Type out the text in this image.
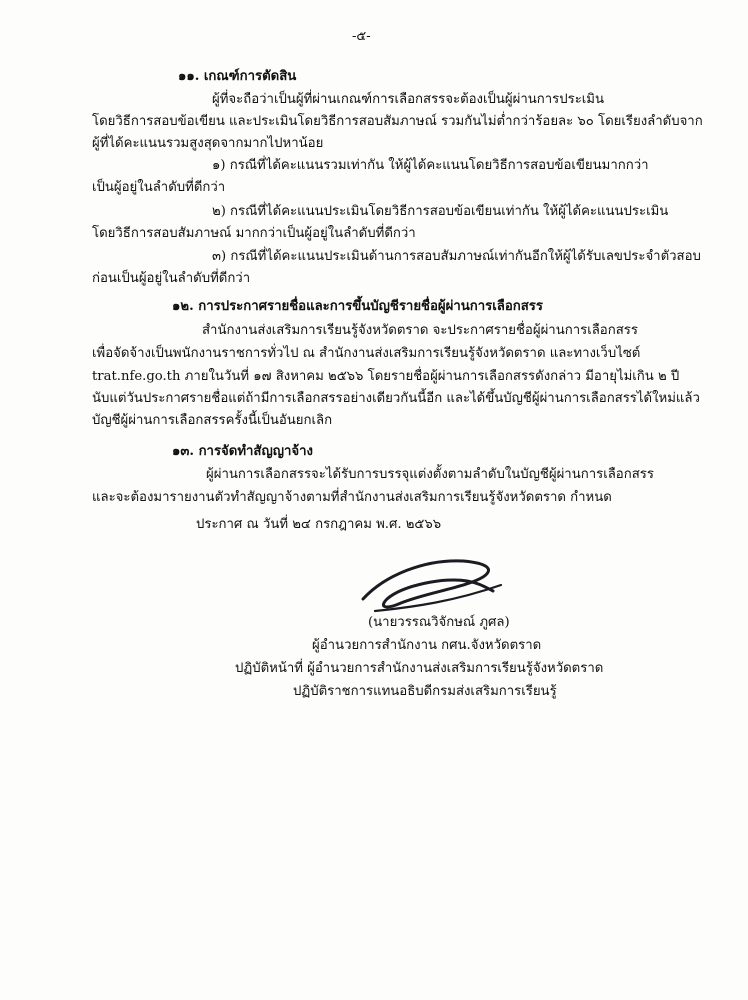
-๕-
๑๑. เกณฑ์การตัดสิน
ผู้ที่จะถือว่าเป็นผู้ที่ผ่านเกณฑ์การเลือกสรรจะต้องเป็นผู้ผ่านการประเมิน
โดยวิธีการสอบข้อเขียน และประเมินโดยวิธีการสอบสัมภาษณ์ รวมกันไม่ต่ำกว่าร้อยละ ๖๐ โดยเรียงลำดับจาก
ผู้ที่ได้คะแนนรวมสูงสุดจากมากไปหาน้อย
๑) กรณีที่ได้คะแนนรวมเท่ากัน ให้ผู้ได้คะแนนโดยวิธีการสอบข้อเขียนมากกว่า
เป็นผู้อยู่ในลำดับที่ดีกว่า
๒) กรณีที่ได้คะแนนประเมินโดยวิธีการสอบข้อเขียนเท่ากัน ให้ผู้ได้คะแนนประเมิน
โดยวิธีการสอบสัมภาษณ์ มากกว่าเป็นผู้อยู่ในลำดับที่ดีกว่า
๓) กรณีที่ได้คะแนนประเมินด้านการสอบสัมภาษณ์เท่ากันอีกให้ผู้ได้รับเลขประจำตัวสอบ
ก่อนเป็นผู้อยู่ในลำดับที่ดีกว่า
๑๒. การประกาศรายชื่อและการขึ้นบัญชีรายชื่อผู้ผ่านการเลือกสรร
สำนักงานส่งเสริมการเรียนรู้จังหวัดตราด จะประกาศรายชื่อผู้ผ่านการเลือกสรร
เพื่อจัดจ้างเป็นพนักงานราชการทั่วไป ณ สำนักงานส่งเสริมการเรียนรู้จังหวัดตราด และทางเว็บไซต์
trat.nfe.go.th ภายในวันที่ ๑๗ สิงหาคม ๒๕๖๖ โดยรายชื่อผู้ผ่านการเลือกสรรดังกล่าว มีอายุไม่เกิน ๒ ปี
นับแต่วันประกาศรายชื่อแต่ถ้ามีการเลือกสรรอย่างเดียวกันนี้อีก และได้ขึ้นบัญชีผู้ผ่านการเลือกสรรได้ใหม่แล้ว
บัญชีผู้ผ่านการเลือกสรรครั้งนี้เป็นอันยกเลิก
๑๓. การจัดทำสัญญาจ้าง
ผู้ผ่านการเลือกสรรจะได้รับการบรรจุแต่งตั้งตามลำดับในบัญชีผู้ผ่านการเลือกสรร
และจะต้องมารายงานตัวทำสัญญาจ้างตามที่สำนักงานส่งเสริมการเรียนรู้จังหวัดตราด กำหนด
ประกาศ ณ วันที่ ๒๔ กรกฎาคม พ.ศ. ๒๕๖๖
(นายวรรณวิจักษณ์ ภูศล)
ผู้อำนวยการสำนักงาน กศน.จังหวัดตราด
ปฏิบัติหน้าที่ ผู้อำนวยการสำนักงานส่งเสริมการเรียนรู้จังหวัดตราด
ปฏิบัติราชการแทนอธิบดีกรมส่งเสริมการเรียนรู้
